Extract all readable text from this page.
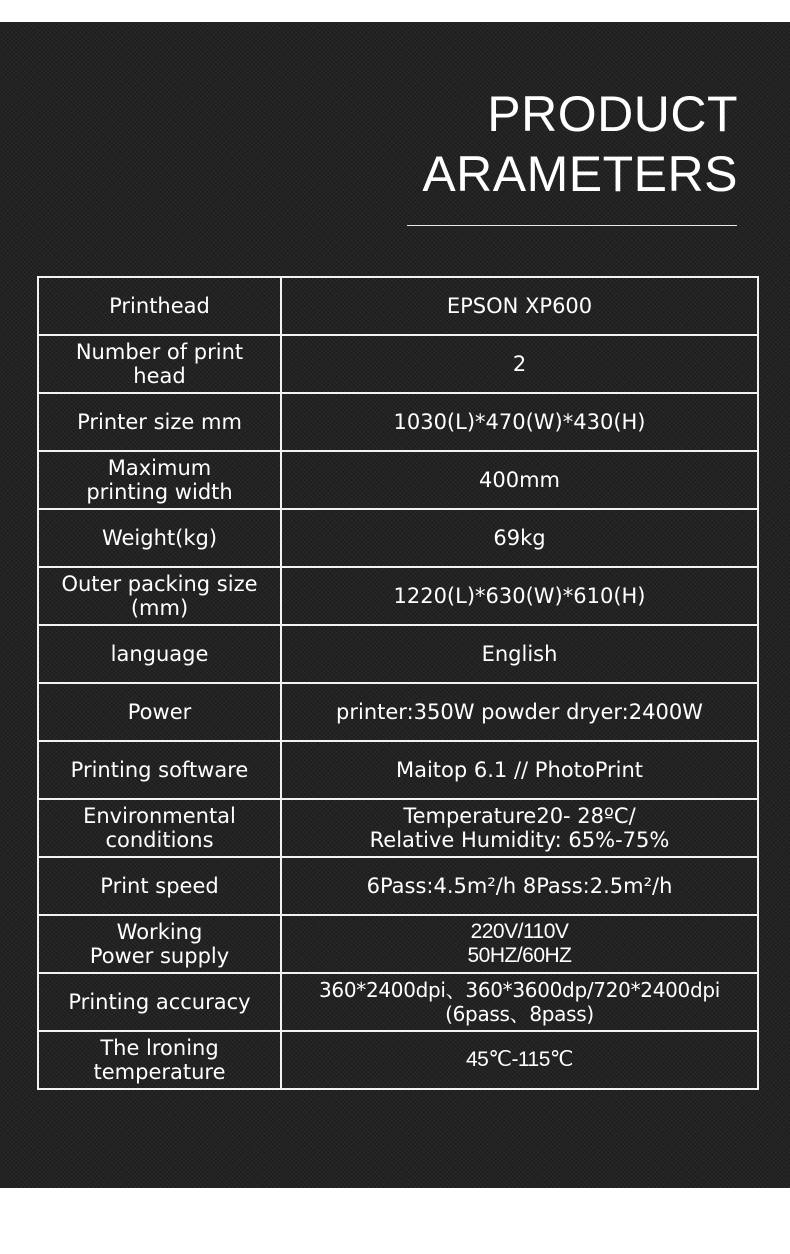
PRODUCT
ARAMETERS
Printhead	EPSON XP600

Number of print
head	2

Printer size mm	1030(L)*470(W)*430(H)

Maximum
printing width	400mm

Weight(kg)	69kg

Outer packing size
(mm)	1220(L)*630(W)*610(H)

language	English

Power	printer:350W powder dryer:2400W

Printing software	Maitop 6.1 // PhotoPrint

Environmental
conditions	Temperature20- 28ºC/
Relative Humidity: 65%-75%

Print speed	6Pass:4.5m²/h 8Pass:2.5m²/h

Working
Power supply	220V/110V
50HZ/60HZ

Printing accuracy	360*2400dpi、360*3600dp/720*2400dpi
(6pass、8pass)

The lroning
temperature	45℃-115℃
